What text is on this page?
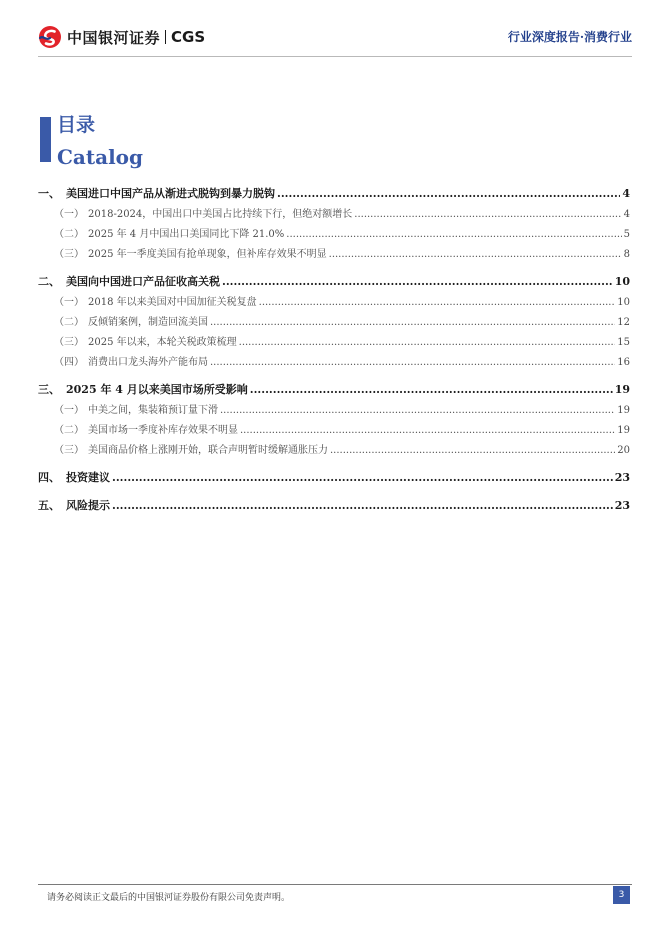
中国银河证券 CGS	行业深度报告·消费行业
目录
Catalog
一、 美国进口中国产品从渐进式脱钩到暴力脱钩 .....	4
（一） 2018-2024，中国出口中美国占比持续下行，但绝对额增长 .....	4
（二） 2025 年 4 月中国出口美国同比下降 21.0% .....	5
（三） 2025 年一季度美国有抢单现象，但补库存效果不明显 .....	8
二、 美国向中国进口产品征收高关税 .....	10
（一） 2018 年以来美国对中国加征关税复盘 .....	10
（二） 反倾销案例，制造回流美国 .....	12
（三） 2025 年以来，本轮关税政策梳理 .....	15
（四） 消费出口龙头海外产能布局 .....	16
三、 2025 年 4 月以来美国市场所受影响 .....	19
（一） 中美之间，集装箱预订量下滑 .....	19
（二） 美国市场一季度补库存效果不明显 .....	19
（三） 美国商品价格上涨刚开始，联合声明暂时缓解通胀压力 .....	20
四、 投资建议 .....	23
五、 风险提示 .....	23
请务必阅读正文最后的中国银河证券股份有限公司免责声明。	3
